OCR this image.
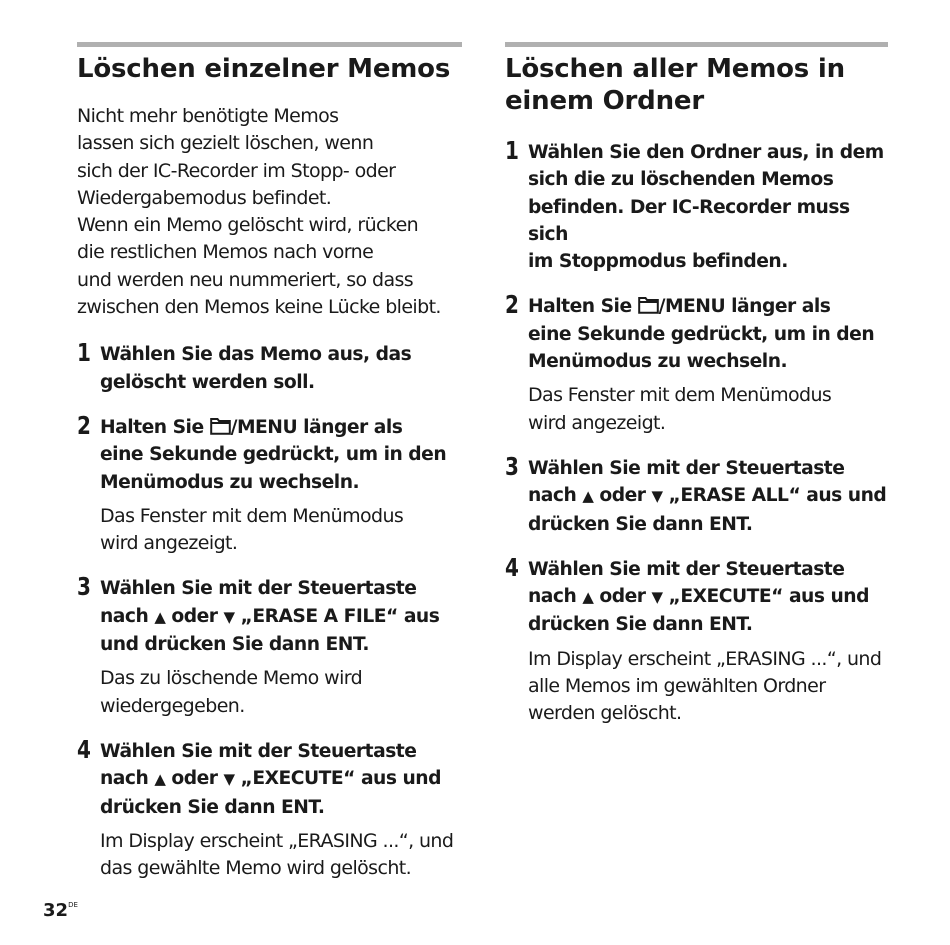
Löschen einzelner Memos
Nicht mehr benötigte Memos
lassen sich gezielt löschen, wenn
sich der IC-Recorder im Stopp- oder
Wiedergabemodus befindet.
Wenn ein Memo gelöscht wird, rücken
die restlichen Memos nach vorne
und werden neu nummeriert, so dass
zwischen den Memos keine Lücke bleibt.
1 Wählen Sie das Memo aus, das
gelöscht werden soll.
2 Halten Sie /MENU länger als
eine Sekunde gedrückt, um in den
Menümodus zu wechseln.
Das Fenster mit dem Menümodus
wird angezeigt.
3 Wählen Sie mit der Steuertaste
nach ▲ oder ▼ „ERASE A FILE“ aus
und drücken Sie dann ENT.
Das zu löschende Memo wird
wiedergegeben.
4 Wählen Sie mit der Steuertaste
nach ▲ oder ▼ „EXECUTE“ aus und
drücken Sie dann ENT.
Im Display erscheint „ERASING ...“, und
das gewählte Memo wird gelöscht.
Löschen aller Memos in
einem Ordner
1 Wählen Sie den Ordner aus, in dem
sich die zu löschenden Memos
befinden. Der IC-Recorder muss sich
im Stoppmodus befinden.
2 Halten Sie /MENU länger als
eine Sekunde gedrückt, um in den
Menümodus zu wechseln.
Das Fenster mit dem Menümodus
wird angezeigt.
3 Wählen Sie mit der Steuertaste
nach ▲ oder ▼ „ERASE ALL“ aus und
drücken Sie dann ENT.
4 Wählen Sie mit der Steuertaste
nach ▲ oder ▼ „EXECUTE“ aus und
drücken Sie dann ENT.
Im Display erscheint „ERASING ...“, und
alle Memos im gewählten Ordner
werden gelöscht.
32DE
